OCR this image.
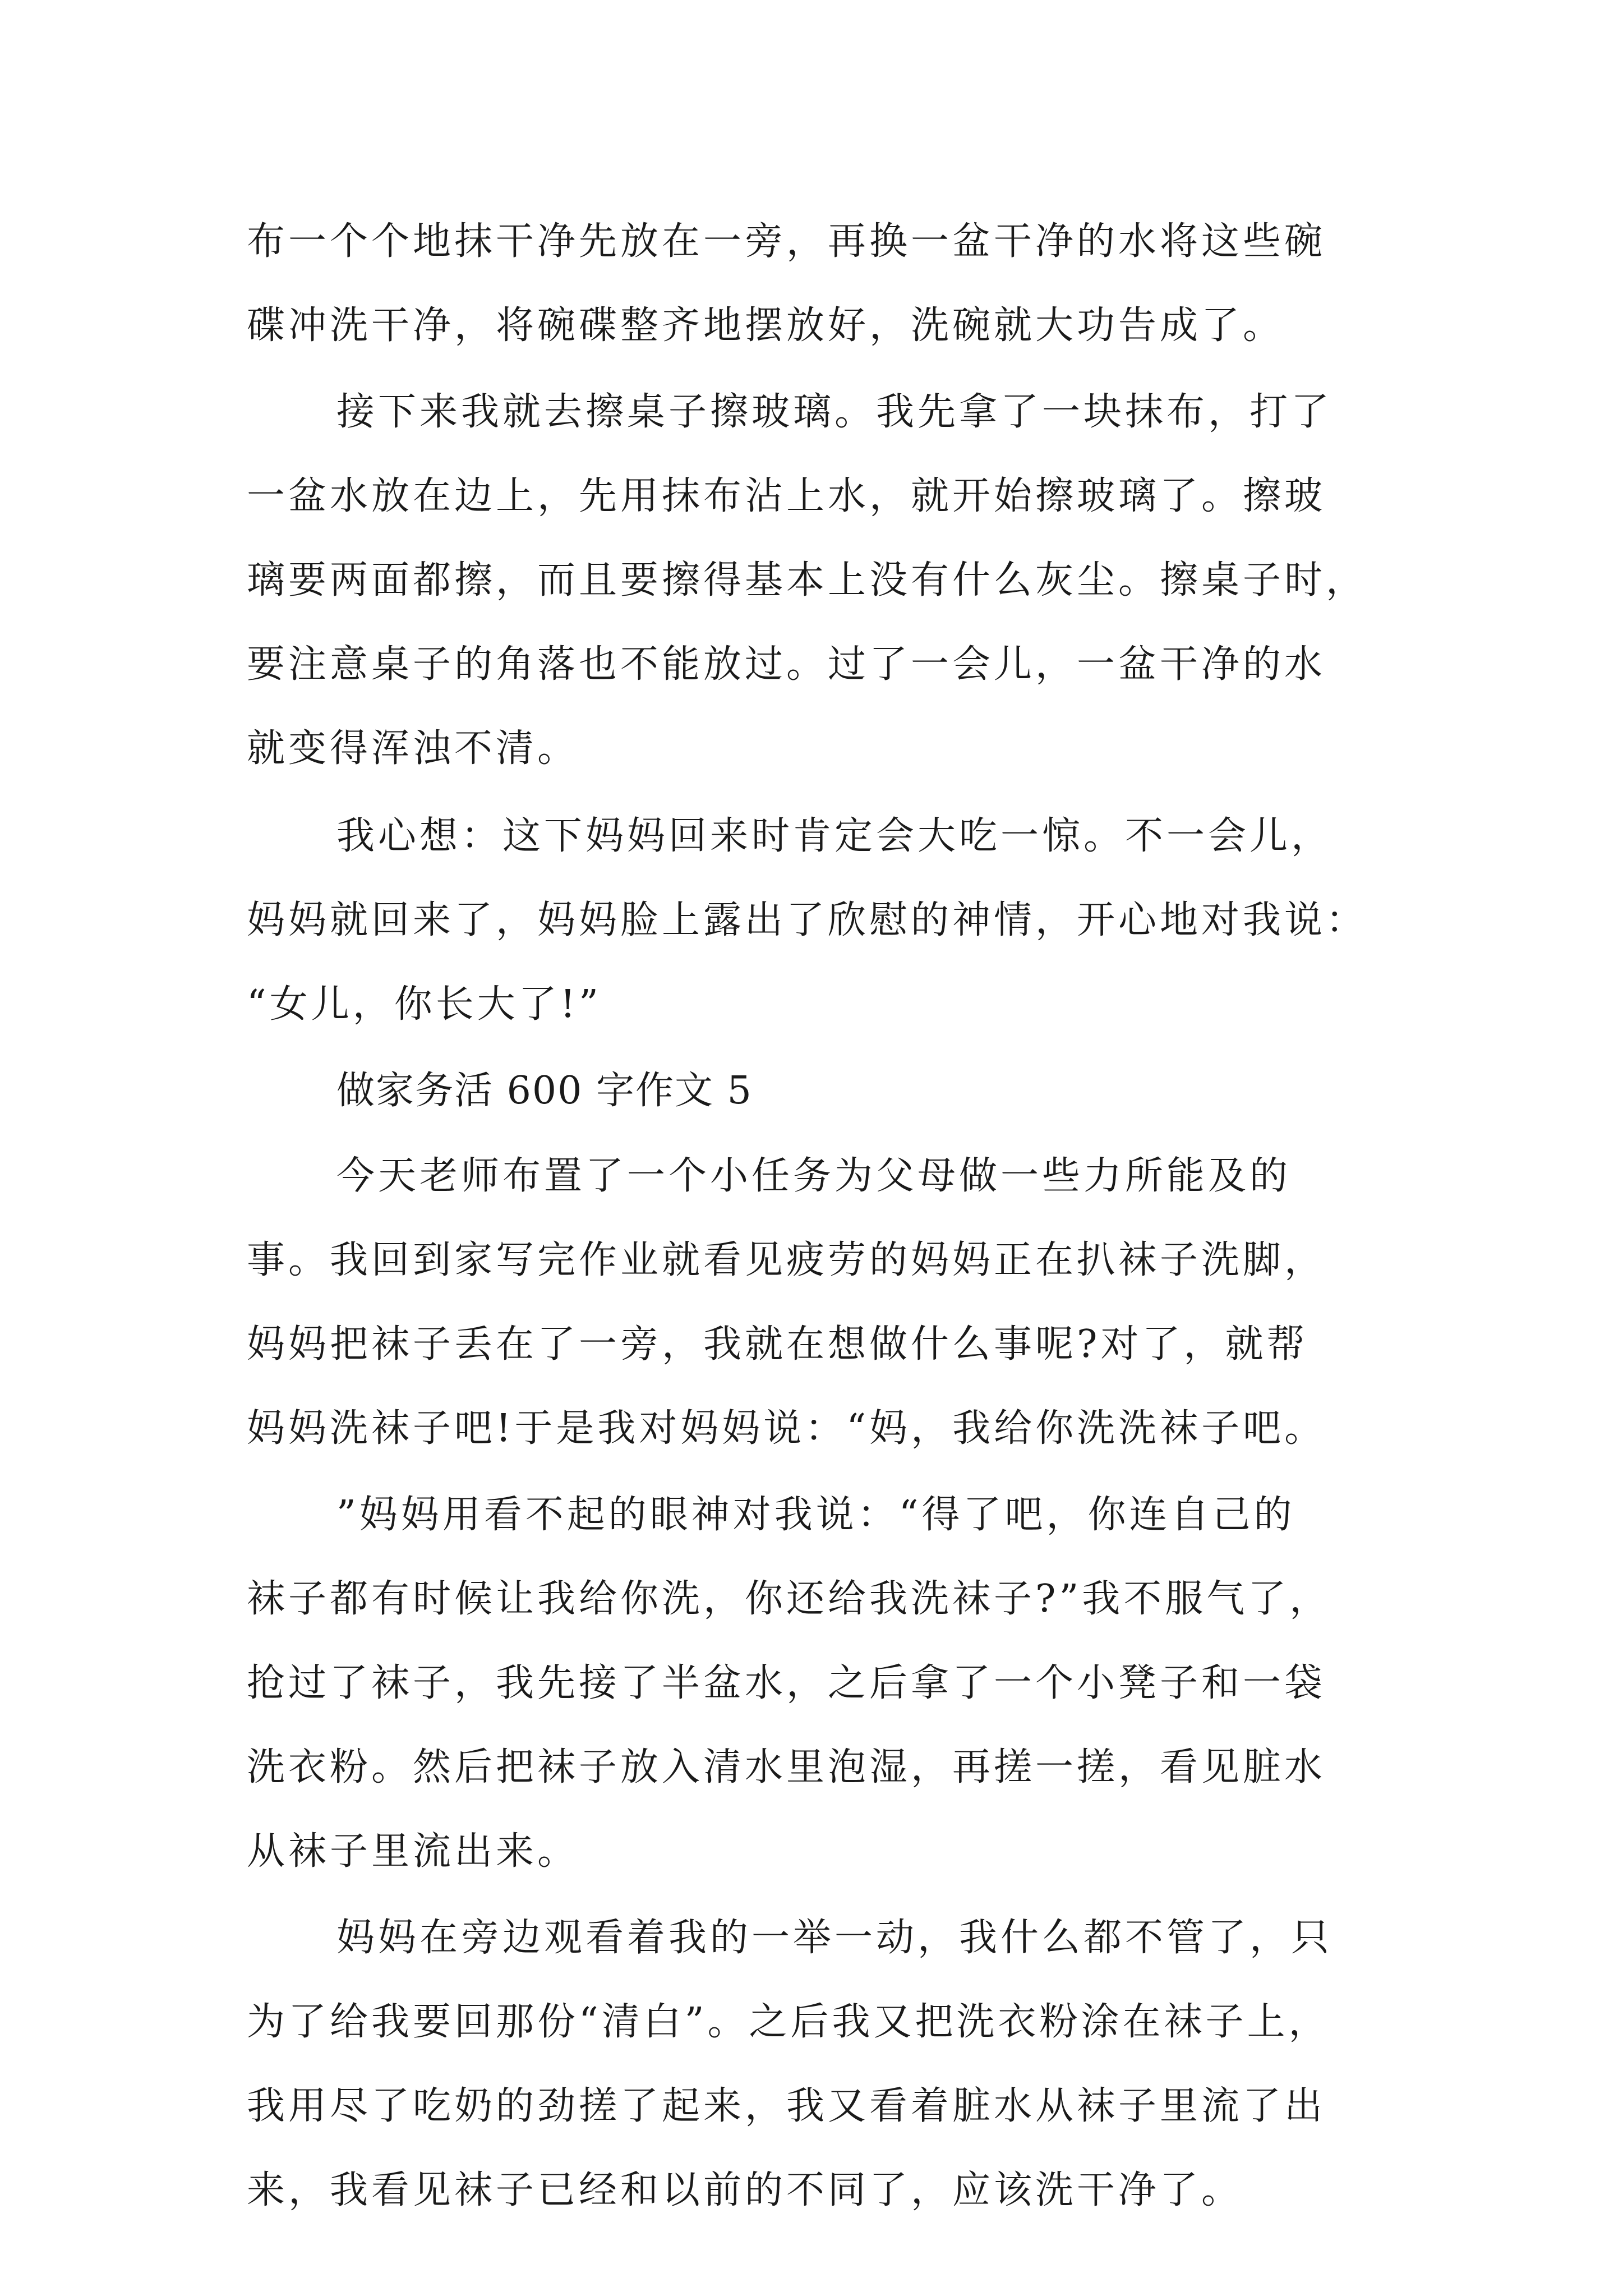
布一个个地抹干净先放在一旁，再换一盆干净的水将这些碗
碟冲洗干净，将碗碟整齐地摆放好，洗碗就大功告成了。
接下来我就去擦桌子擦玻璃。我先拿了一块抹布，打了
一盆水放在边上，先用抹布沾上水，就开始擦玻璃了。擦玻
璃要两面都擦，而且要擦得基本上没有什么灰尘。擦桌子时，
要注意桌子的角落也不能放过。过了一会儿，一盆干净的水
就变得浑浊不清。
我心想：这下妈妈回来时肯定会大吃一惊。不一会儿，
妈妈就回来了，妈妈脸上露出了欣慰的神情，开心地对我说：
“女儿，你长大了!”
做家务活 600 字作文 5
今天老师布置了一个小任务为父母做一些力所能及的
事。我回到家写完作业就看见疲劳的妈妈正在扒袜子洗脚，
妈妈把袜子丢在了一旁，我就在想做什么事呢?对了，就帮
妈妈洗袜子吧!于是我对妈妈说：“妈，我给你洗洗袜子吧。
”妈妈用看不起的眼神对我说：“得了吧，你连自己的
袜子都有时候让我给你洗，你还给我洗袜子?”我不服气了，
抢过了袜子，我先接了半盆水，之后拿了一个小凳子和一袋
洗衣粉。然后把袜子放入清水里泡湿，再搓一搓，看见脏水
从袜子里流出来。
妈妈在旁边观看着我的一举一动，我什么都不管了，只
为了给我要回那份“清白”。之后我又把洗衣粉涂在袜子上，
我用尽了吃奶的劲搓了起来，我又看着脏水从袜子里流了出
来，我看见袜子已经和以前的不同了，应该洗干净了。
